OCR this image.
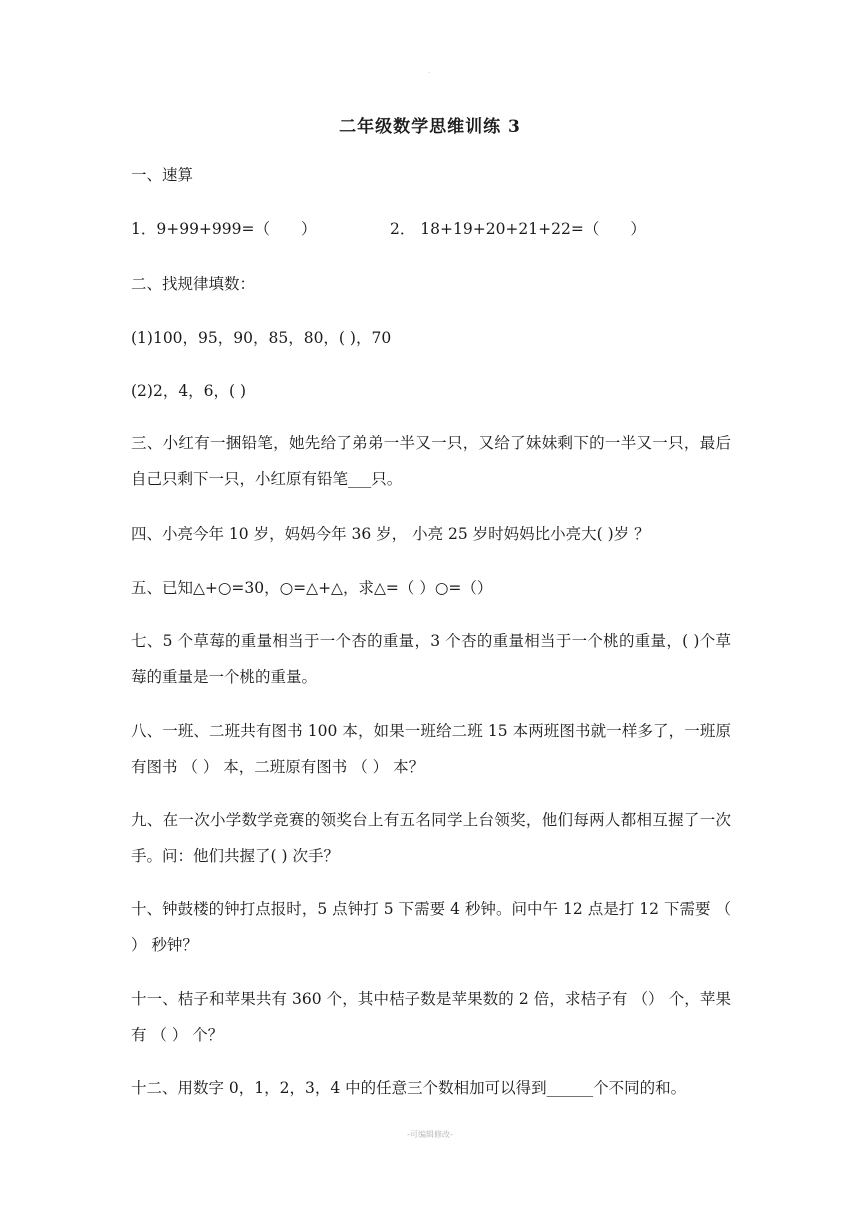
.
二年级数学思维训练 3
一、速算
1．9+99+999=（　　）	2． 18+19+20+21+22=（　　）
二、找规律填数：
(1)100，95，90，85，80，( )，70
(2)2，4，6，( )
三、小红有一捆铅笔，她先给了弟弟一半又一只，又给了妹妹剩下的一半又一只，最后自己只剩下一只，小红原有铅笔___只。
四、小亮今年 10 岁，妈妈今年 36 岁， 小亮 25 岁时妈妈比小亮大( )岁 ？
五、已知△+○=30，○=△+△，求△=（ ）○=（）
七、5 个草莓的重量相当于一个杏的重量，3 个杏的重量相当于一个桃的重量，( )个草莓的重量是一个桃的重量。
八、一班、二班共有图书 100 本，如果一班给二班 15 本两班图书就一样多了，一班原有图书 （ ） 本，二班原有图书 （ ） 本？
九、在一次小学数学竞赛的领奖台上有五名同学上台领奖，他们每两人都相互握了一次手。问：他们共握了( ) 次手？
十、钟鼓楼的钟打点报时，5 点钟打 5 下需要 4 秒钟。问中午 12 点是打 12 下需要 （ ） 秒钟？
十一、桔子和苹果共有 360 个，其中桔子数是苹果数的 2 倍，求桔子有 （） 个，苹果有 （ ） 个？
十二、用数字 0，1，2，3，4 中的任意三个数相加可以得到______个不同的和。
-可编辑修改-
